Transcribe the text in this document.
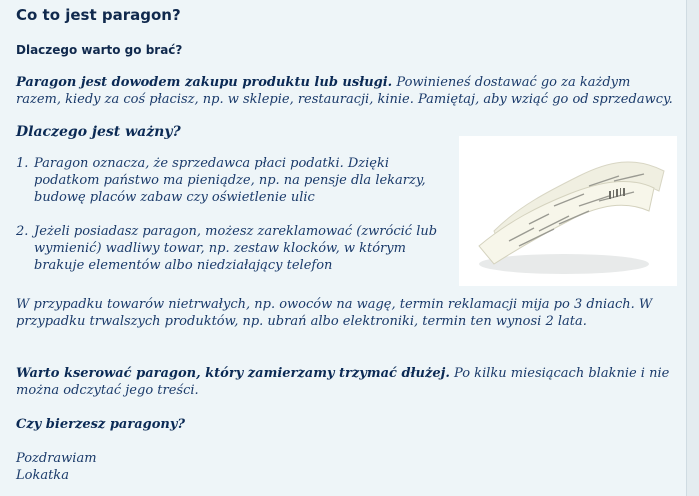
Co to jest paragon?
Dlaczego warto go brać?
Paragon jest dowodem zakupu produktu lub usługi. Powinieneś dostawać go za każdym razem, kiedy za coś płacisz, np. w sklepie, restauracji, kinie. Pamiętaj, aby wziąć go od sprzedawcy.
Dlaczego jest ważny?
1. Paragon oznacza, że sprzedawca płaci podatki. Dzięki podatkom państwo ma pieniądze, np. na pensje dla lekarzy, budowę placów zabaw czy oświetlenie ulic
2. Jeżeli posiadasz paragon, możesz zareklamować (zwrócić lub wymienić) wadliwy towar, np. zestaw klocków, w którym brakuje elementów albo niedziałający telefon
W przypadku towarów nietrwałych, np. owoców na wagę, termin reklamacji mija po 3 dniach. W przypadku trwalszych produktów, np. ubrań albo elektroniki, termin ten wynosi 2 lata.
Warto kserować paragon, który zamierzamy trzymać dłużej. Po kilku miesiącach blaknie i nie można odczytać jego treści.
Czy bierzesz paragony?
Pozdrawiam
Lokatka
